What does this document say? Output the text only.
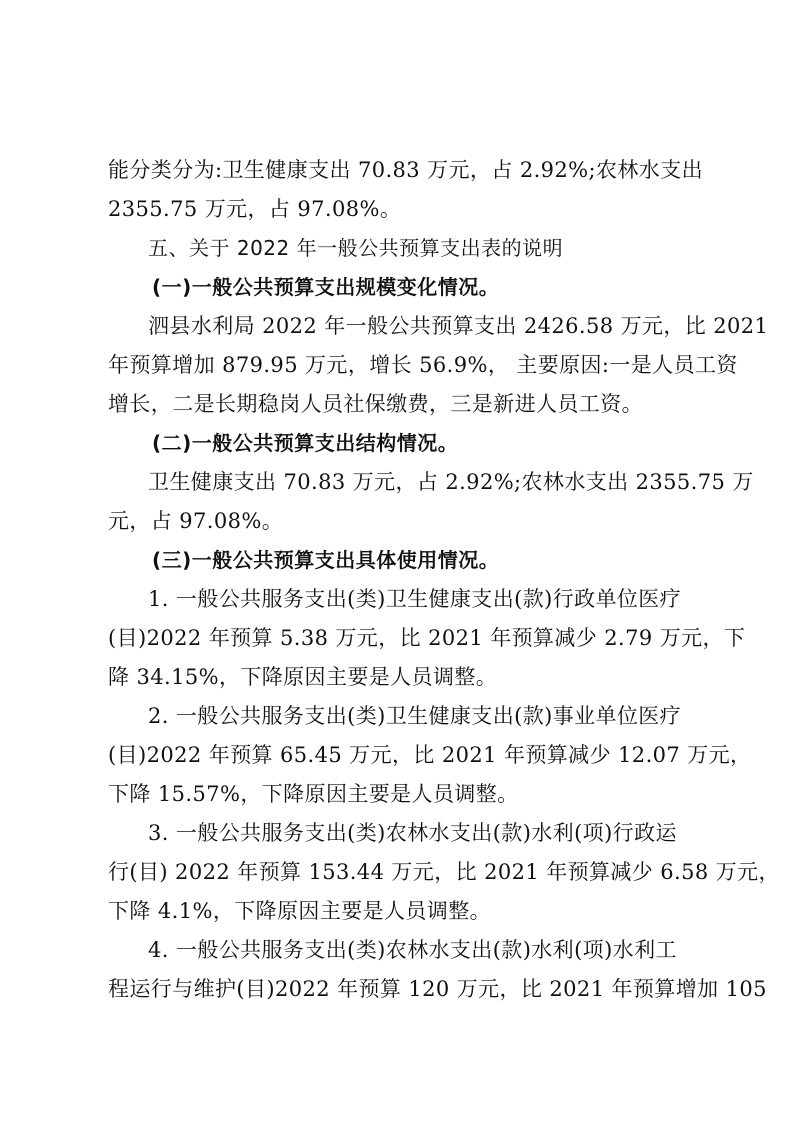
能分类分为:卫生健康支出 70.83 万元，占 2.92%;农林水支出
2355.75 万元，占 97.08%。
五、关于 2022 年一般公共预算支出表的说明
(一)一般公共预算支出规模变化情况。
泗县水利局 2022 年一般公共预算支出 2426.58 万元，比 2021
年预算增加 879.95 万元，增长 56.9%， 主要原因:一是人员工资
增长，二是长期稳岗人员社保缴费，三是新进人员工资。
(二)一般公共预算支出结构情况。
卫生健康支出 70.83 万元，占 2.92%;农林水支出 2355.75 万
元，占 97.08%。
(三)一般公共预算支出具体使用情况。
1. 一般公共服务支出(类)卫生健康支出(款)行政单位医疗
(目)2022 年预算 5.38 万元，比 2021 年预算减少 2.79 万元，下
降 34.15%，下降原因主要是人员调整。
2. 一般公共服务支出(类)卫生健康支出(款)事业单位医疗
(目)2022 年预算 65.45 万元，比 2021 年预算减少 12.07 万元，
下降 15.57%，下降原因主要是人员调整。
3. 一般公共服务支出(类)农林水支出(款)水利(项)行政运
行(目) 2022 年预算 153.44 万元，比 2021 年预算减少 6.58 万元，
下降 4.1%，下降原因主要是人员调整。
4. 一般公共服务支出(类)农林水支出(款)水利(项)水利工
程运行与维护(目)2022 年预算 120 万元，比 2021 年预算增加 105
